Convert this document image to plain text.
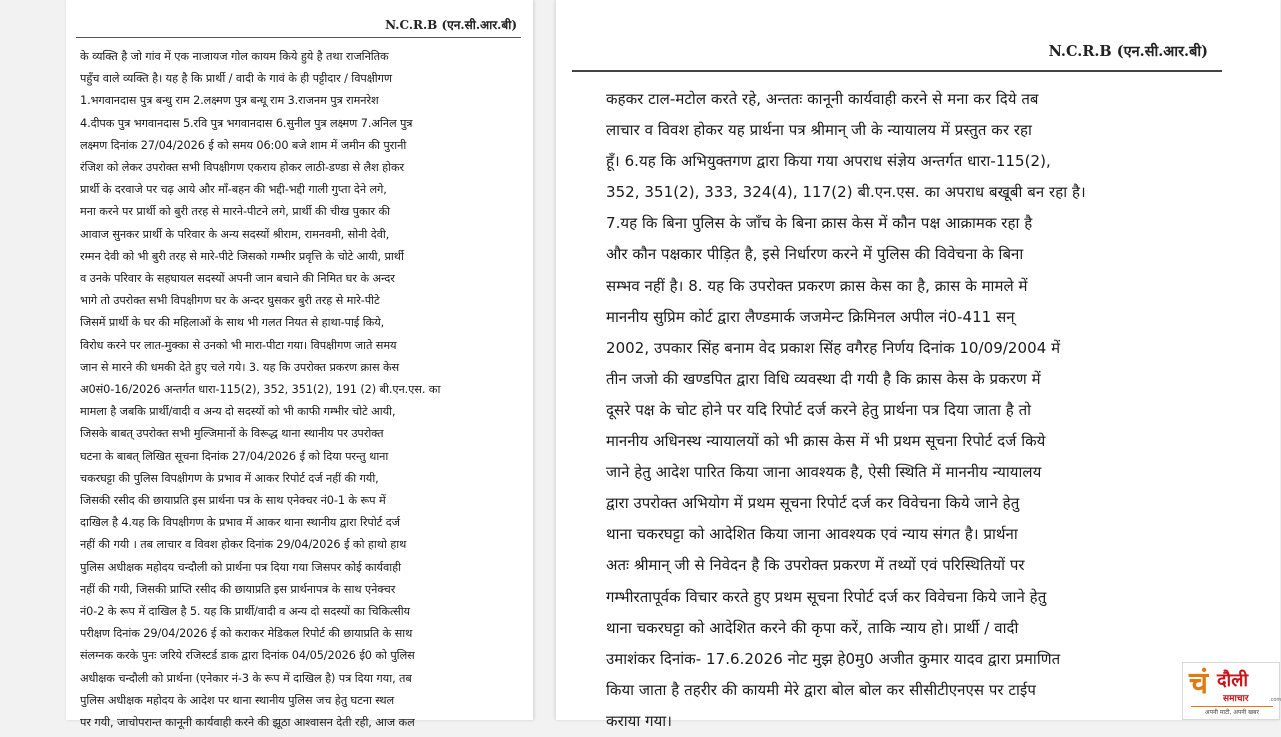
N.C.R.B (एन.सी.आर.बी)
के व्यक्ति है जो गांव में एक नाजायज गोल कायम किये हुये है तथा राजनितिक
पहुँच वाले व्यक्ति है। यह है कि प्रार्थी / वादी के गावं के ही पट्टीदार / विपक्षीगण
1.भगवानदास पुत्र बन्धु राम 2.लक्ष्मण पुत्र बन्धू राम 3.राजनम पुत्र रामनरेश
4.दीपक पुत्र भगवानदास 5.रवि पुत्र भगवानदास 6.सुनील पुत्र लक्ष्मण 7.अनिल पुत्र
लक्ष्मण दिनांक 27/04/2026 ई को समय 06:00 बजे शाम में जमीन की पुरानी
रंजिश को लेकर उपरोक्त सभी विपक्षीगण एकराय होकर लाठी-डण्डा से लैश होकर
प्रार्थी के दरवाजे पर चढ़ आये और माँ-बहन की भद्दी-भद्दी गाली गुप्ता देने लगे,
मना करने पर प्रार्थी को बुरी तरह से मारने-पीटने लगे, प्रार्थी की चीख पुकार की
आवाज सुनकर प्रार्थी के परिवार के अन्य सदस्यों श्रीराम, रामनवमी, सोनी देवी,
रम्मन देवी को भी बुरी तरह से मारे-पीटे जिसको गम्भीर प्रवृत्ति के चोटे आयी, प्रार्थी
व उनके परिवार के सहघायल सदस्यों अपनी जान बचाने की निमित घर के अन्दर
भागे तो उपरोक्त सभी विपक्षीगण घर के अन्दर घुसकर बुरी तरह से मारे-पीटे
जिसमें प्रार्थी के घर की महिलाओं के साथ भी गलत नियत से हाथा-पाई किये,
विरोध करने पर लात-मुक्का से उनको भी मारा-पीटा गया। विपक्षीगण जाते समय
जान से मारने की धमकी देते हुए चले गये। 3. यह कि उपरोक्त प्रकरण क्रास केस
अ0सं0-16/2026 अन्तर्गत धारा-115(2), 352, 351(2), 191 (2) बी.एन.एस. का
मामला है जबकि प्रार्थी/वादी व अन्य दो सदस्यों को भी काफी गम्भीर चोटे आयी,
जिसके बाबत् उपरोक्त सभी मुल्जिमानों के विरूद्ध थाना स्थानीय पर उपरोक्त
घटना के बाबत् लिखित सूचना दिनांक 27/04/2026 ई को दिया परन्तु थाना
चकरघट्टा की पुलिस विपक्षीगण के प्रभाव में आकर रिपोर्ट दर्ज नहीं की गयी,
जिसकी रसीद की छायाप्रति इस प्रार्थना पत्र के साथ एनेक्चर नं0-1 के रूप में
दाखिल है 4.यह कि विपक्षीगण के प्रभाव में आकर थाना स्थानीय द्वारा रिपोर्ट दर्ज
नहीं की गयी । तब लाचार व विवश होकर दिनांक 29/04/2026 ई को हाथो हाथ
पुलिस अधीक्षक महोदय चन्दौली को प्रार्थना पत्र दिया गया जिसपर कोई कार्यवाही
नहीं की गयी, जिसकी प्राप्ति रसीद की छायाप्रति इस प्रार्थनापत्र के साथ एनेक्चर
नं0-2 के रूप में दाखिल है 5. यह कि प्रार्थी/वादी व अन्य दो सदस्यों का चिकित्सीय
परीक्षण दिनांक 29/04/2026 ई को कराकर मेडिकल रिपोर्ट की छायाप्रति के साथ
संलग्नक करके पुनः जरिये रजिस्टर्ड डाक द्वारा दिनांक 04/05/2026 ई0 को पुलिस
अधीक्षक चन्दौली को प्रार्थना (एनेकार नं-3 के रूप में दाखिल है) पत्र दिया गया, तब
पुलिस अधीक्षक महोदय के आदेश पर थाना स्थानीय पुलिस जच हेतु घटना स्थल
पर गयी, जाचोपरान्त कानूनी कार्यवाही करने की झूठा आश्वासन देती रही, आज कल
N.C.R.B (एन.सी.आर.बी)
कहकर टाल-मटोल करते रहे, अन्ततः कानूनी कार्यवाही करने से मना कर दिये तब
लाचार व विवश होकर यह प्रार्थना पत्र श्रीमान् जी के न्यायालय में प्रस्तुत कर रहा
हूँ। 6.यह कि अभियुक्तगण द्वारा किया गया अपराध संज्ञेय अन्तर्गत धारा-115(2),
352, 351(2), 333, 324(4), 117(2) बी.एन.एस. का अपराध बखूबी बन रहा है।
7.यह कि बिना पुलिस के जाँच के बिना क्रास केस में कौन पक्ष आक्रामक रहा है
और कौन पक्षकार पीड़ित है, इसे निर्धारण करने में पुलिस की विवेचना के बिना
सम्भव नहीं है। 8. यह कि उपरोक्त प्रकरण क्रास केस का है, क्रास के मामले में
माननीय सुप्रिम कोर्ट द्वारा लैण्डमार्क जजमेन्ट क्रिमिनल अपील नं0-411 सन्
2002, उपकार सिंह बनाम वेद प्रकाश सिंह वगैरह निर्णय दिनांक 10/09/2004 में
तीन जजो की खण्डपित द्वारा विधि व्यवस्था दी गयी है कि क्रास केस के प्रकरण में
दूसरे पक्ष के चोट होने पर यदि रिपोर्ट दर्ज करने हेतु प्रार्थना पत्र दिया जाता है तो
माननीय अधिनस्थ न्यायालयों को भी क्रास केस में भी प्रथम सूचना रिपोर्ट दर्ज किये
जाने हेतु आदेश पारित किया जाना आवश्यक है, ऐसी स्थिति में माननीय न्यायालय
द्वारा उपरोक्त अभियोग में प्रथम सूचना रिपोर्ट दर्ज कर विवेचना किये जाने हेतु
थाना चकरघट्टा को आदेशित किया जाना आवश्यक एवं न्याय संगत है। प्रार्थना
अतः श्रीमान् जी से निवेदन है कि उपरोक्त प्रकरण में तथ्यों एवं परिस्थितियों पर
गम्भीरतापूर्वक विचार करते हुए प्रथम सूचना रिपोर्ट दर्ज कर विवेचना किये जाने हेतु
थाना चकरघट्टा को आदेशित करने की कृपा करें, ताकि न्याय हो। प्रार्थी / वादी
उमाशंकर दिनांक- 17.6.2026 नोट मुझ हे0मु0 अजीत कुमार यादव द्वारा प्रमाणित
किया जाता है तहरीर की कायमी मेरे द्वारा बोल बोल कर सीसीटीएनएस पर टाईप
कराया गया।
चं दौली
समाचार	.com
अपनी माटी, अपनी खबर
